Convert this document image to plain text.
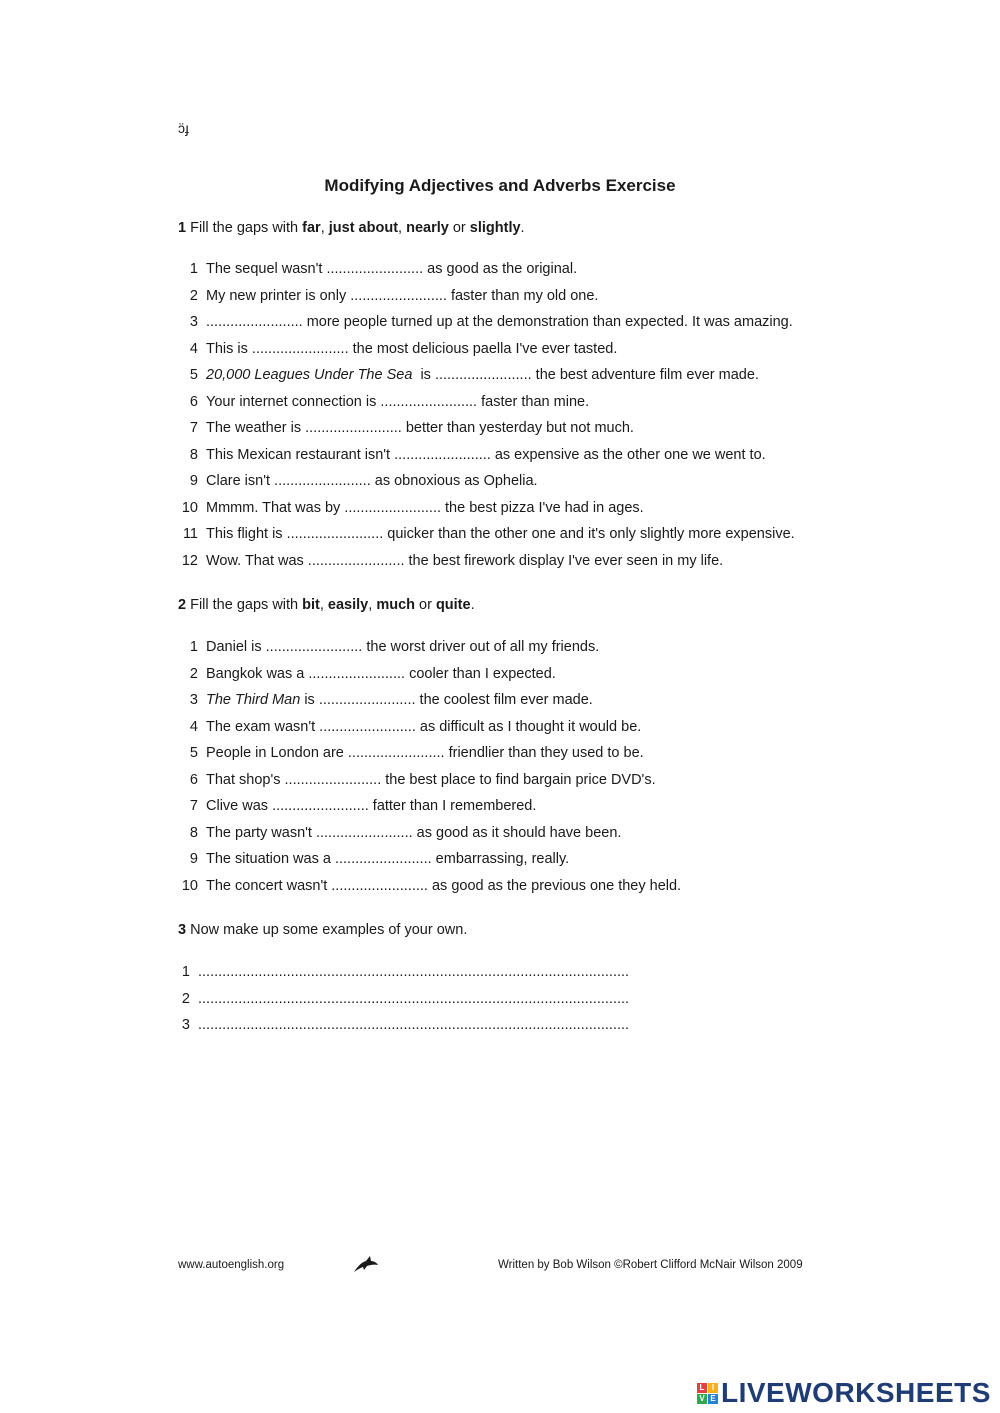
ɔ̈ɟ
Modifying Adjectives and Adverbs Exercise
1 Fill the gaps with far, just about, nearly or slightly.
1 The sequel wasn't ........................ as good as the original.
2 My new printer is only ........................ faster than my old one.
3 ........................ more people turned up at the demonstration than expected. It was amazing.
4 This is ........................ the most delicious paella I've ever tasted.
5 20,000 Leagues Under The Sea  is ........................ the best adventure film ever made.
6 Your internet connection is ........................ faster than mine.
7 The weather is ........................ better than yesterday but not much.
8 This Mexican restaurant isn't ........................ as expensive as the other one we went to.
9 Clare isn't ........................ as obnoxious as Ophelia.
10 Mmmm. That was by ........................ the best pizza I've had in ages.
11 This flight is ........................ quicker than the other one and it's only slightly more expensive.
12 Wow. That was ........................ the best firework display I've ever seen in my life.
2 Fill the gaps with bit, easily, much or quite.
1 Daniel is ........................ the worst driver out of all my friends.
2 Bangkok was a ........................ cooler than I expected.
3 The Third Man is ........................ the coolest film ever made.
4 The exam wasn't ........................ as difficult as I thought it would be.
5 People in London are ........................ friendlier than they used to be.
6 That shop's ........................ the best place to find bargain price DVD's.
7 Clive was ........................ fatter than I remembered.
8 The party wasn't ........................ as good as it should have been.
9 The situation was a ........................ embarrassing, really.
10 The concert wasn't ........................ as good as the previous one they held.
3 Now make up some examples of your own.
1 ...........................................................................................................
2 ...........................................................................................................
3 ...........................................................................................................
www.autoenglish.org	Written by Bob Wilson ©Robert Clifford McNair Wilson 2009
L I
V E LIVEWORKSHEETS
